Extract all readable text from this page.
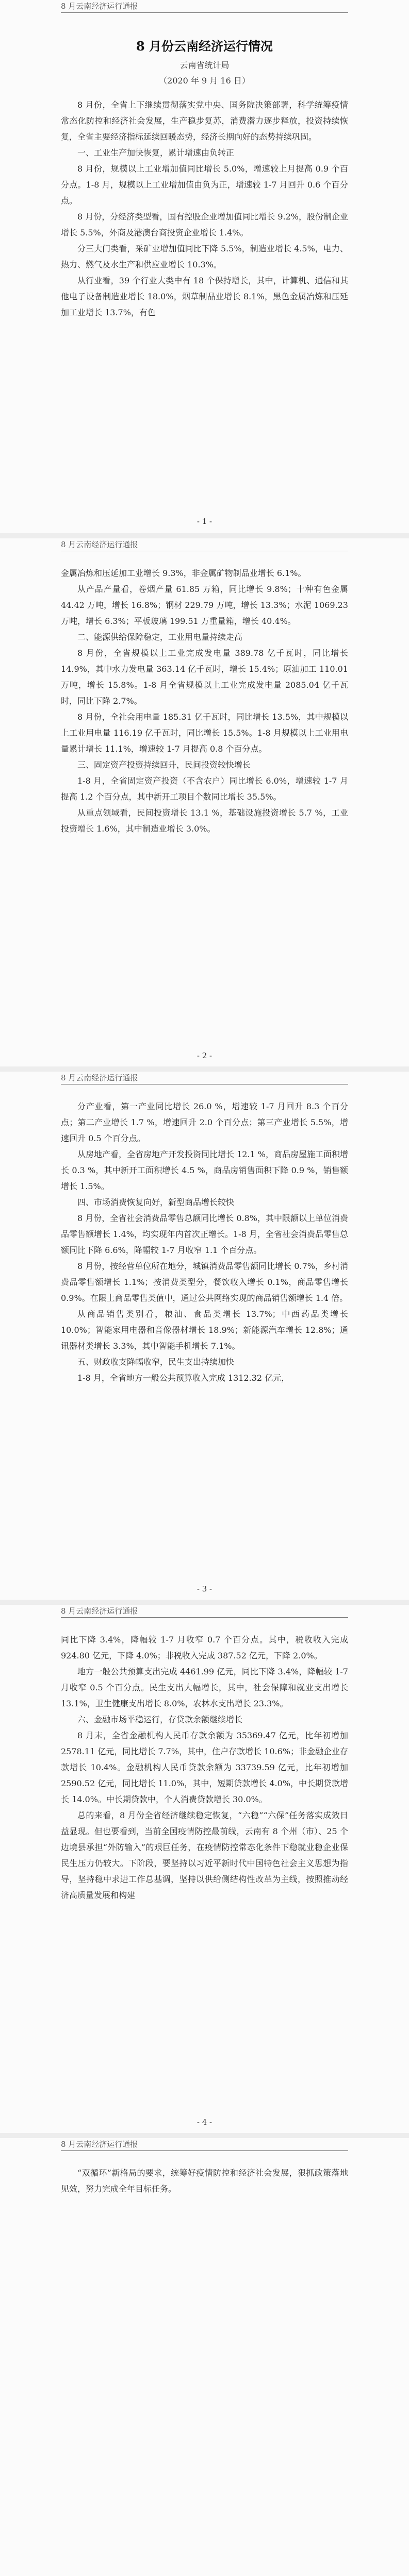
8 月云南经济运行通报
8 月份云南经济运行情况
云南省统计局
（2020 年 9 月 16 日）

8 月份，全省上下继续贯彻落实党中央、国务院决策部署，科学统筹疫情常态化防控和经济社会发展，生产稳步复苏，消费潜力逐步释放，投资持续恢复，全省主要经济指标延续回暖态势，经济长期向好的态势持续巩固。

一、工业生产加快恢复，累计增速由负转正

8 月份，规模以上工业增加值同比增长 5.0%，增速较上月提高 0.9 个百分点。1-8 月，规模以上工业增加值由负为正，增速较 1-7 月回升 0.6 个百分点。

8 月份，分经济类型看，国有控股企业增加值同比增长 9.2%，股份制企业增长 5.5%，外商及港澳台商投资企业增长 1.4%。

分三大门类看，采矿业增加值同比下降 5.5%，制造业增长 4.5%，电力、热力、燃气及水生产和供应业增长 10.3%。

从行业看，39 个行业大类中有 18 个保持增长，其中，计算机、通信和其他电子设备制造业增长 18.0%，烟草制品业增长 8.1%，黑色金属冶炼和压延加工业增长 13.7%，有色

- 1 -
8 月云南经济运行通报

金属冶炼和压延加工业增长 9.3%，非金属矿物制品业增长 6.1%。

从产品产量看，卷烟产量 61.85 万箱，同比增长 9.8%；十种有色金属 44.42 万吨，增长 16.8%；钢材 229.79 万吨，增长 13.3%；水泥 1069.23 万吨，增长 6.3%；平板玻璃 199.51 万重量箱，增长 40.4%。

二、能源供给保障稳定，工业用电量持续走高

8 月份，全省规模以上工业完成发电量 389.78 亿千瓦时，同比增长 14.9%，其中水力发电量 363.14 亿千瓦时，增长 15.4%；原油加工 110.01 万吨，增长 15.8%。1-8 月全省规模以上工业完成发电量 2085.04 亿千瓦时，同比下降 2.7%。

8 月份，全社会用电量 185.31 亿千瓦时，同比增长 13.5%，其中规模以上工业用电量 116.19 亿千瓦时，同比增长 15.5%。1-8 月规模以上工业用电量累计增长 11.1%，增速较 1-7 月提高 0.8 个百分点。

三、固定资产投资持续回升，民间投资较快增长

1-8 月，全省固定资产投资（不含农户）同比增长 6.0%，增速较 1-7 月提高 1.2 个百分点，其中新开工项目个数同比增长 35.5%。

从重点领域看，民间投资增长 13.1 %，基础设施投资增长 5.7 %，工业投资增长 1.6%，其中制造业增长 3.0%。

- 2 -
8 月云南经济运行通报

分产业看，第一产业同比增长 26.0 %，增速较 1-7 月回升 8.3 个百分点；第二产业增长 1.7 %，增速回升 2.0 个百分点；第三产业增长 5.5%，增速回升 0.5 个百分点。

从房地产看，全省房地产开发投资同比增长 12.1 %，商品房屋施工面积增长 0.3 %，其中新开工面积增长 4.5 %，商品房销售面积下降 0.9 %，销售额增长 1.5%。

四、市场消费恢复向好，新型商品增长较快

8 月份，全省社会消费品零售总额同比增长 0.8%，其中限额以上单位消费品零售额增长 1.4%，均实现年内首次正增长。1-8 月，全省社会消费品零售总额同比下降 6.6%，降幅较 1-7 月收窄 1.1 个百分点。

8 月份，按经营单位所在地分，城镇消费品零售额同比增长 0.7%，乡村消费品零售额增长 1.1%；按消费类型分，餐饮收入增长 0.1%，商品零售增长 0.9%。在限上商品零售类值中，通过公共网络实现的商品销售额增长 1.4 倍。

从商品销售类别看，粮油、食品类增长 13.7%；中西药品类增长 10.0%；智能家用电器和音像器材增长 18.9%；新能源汽车增长 12.8%；通讯器材类增长 3.3%，其中智能手机增长 7.1%。

五、财政收支降幅收窄，民生支出持续加快

1-8 月，全省地方一般公共预算收入完成 1312.32 亿元，

- 3 -
8 月云南经济运行通报

同比下降 3.4%，降幅较 1-7 月收窄 0.7 个百分点。其中，税收收入完成 924.80 亿元，下降 4.0%；非税收入完成 387.52 亿元，下降 2.0%。

地方一般公共预算支出完成 4461.99 亿元，同比下降 3.4%，降幅较 1-7 月收窄 0.5 个百分点。民生支出大幅增长，其中，社会保障和就业支出增长 13.1%，卫生健康支出增长 8.0%，农林水支出增长 23.3%。

六、金融市场平稳运行，存贷款余额继续增长

8 月末，全省金融机构人民币存款余额为 35369.47 亿元，比年初增加 2578.11 亿元，同比增长 7.7%，其中，住户存款增长 10.6%；非金融企业存款增长 10.4%。金融机构人民币贷款余额为 33739.59 亿元，比年初增加 2590.52 亿元，同比增长 11.0%，其中，短期贷款增长 4.0%，中长期贷款增长 14.0%。中长期贷款中，个人消费贷款增长 30.0%。

总的来看，8 月份全省经济继续稳定恢复，“六稳”“六保”任务落实成效日益显现。但也要看到，当前全国疫情防控最前线，云南有 8 个州（市）、25 个边境县承担“外防输入”的艰巨任务，在疫情防控常态化条件下稳就业稳企业保民生压力仍较大。下阶段，要坚持以习近平新时代中国特色社会主义思想为指导，坚持稳中求进工作总基调，坚持以供给侧结构性改革为主线，按照推动经济高质量发展和构建

- 4 -
8 月云南经济运行通报

“双循环”新格局的要求，统筹好疫情防控和经济社会发展，狠抓政策落地见效，努力完成全年目标任务。
